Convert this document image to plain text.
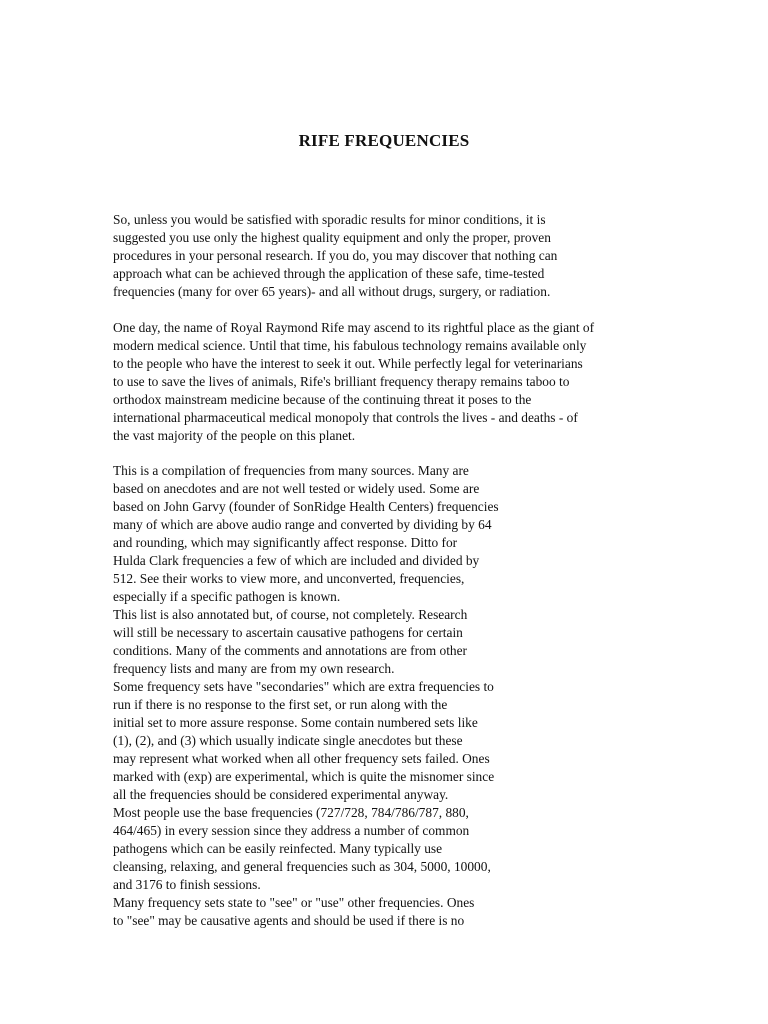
RIFE FREQUENCIES
So, unless you would be satisfied with sporadic results for minor conditions, it is
suggested you use only the highest quality equipment and only the proper, proven
procedures in your personal research. If you do, you may discover that nothing can
approach what can be achieved through the application of these safe, time-tested
frequencies (many for over 65 years)- and all without drugs, surgery, or radiation.
One day, the name of Royal Raymond Rife may ascend to its rightful place as the giant of
modern medical science. Until that time, his fabulous technology remains available only
to the people who have the interest to seek it out. While perfectly legal for veterinarians
to use to save the lives of animals, Rife's brilliant frequency therapy remains taboo to
orthodox mainstream medicine because of the continuing threat it poses to the
international pharmaceutical medical monopoly that controls the lives - and deaths - of
the vast majority of the people on this planet.
This is a compilation of frequencies from many sources. Many are
based on anecdotes and are not well tested or widely used. Some are
based on John Garvy (founder of SonRidge Health Centers) frequencies
many of which are above audio range and converted by dividing by 64
and rounding, which may significantly affect response. Ditto for
Hulda Clark frequencies a few of which are included and divided by
512. See their works to view more, and unconverted, frequencies,
especially if a specific pathogen is known.
This list is also annotated but, of course, not completely. Research
will still be necessary to ascertain causative pathogens for certain
conditions. Many of the comments and annotations are from other
frequency lists and many are from my own research.
Some frequency sets have "secondaries" which are extra frequencies to
run if there is no response to the first set, or run along with the
initial set to more assure response. Some contain numbered sets like
(1), (2), and (3) which usually indicate single anecdotes but these
may represent what worked when all other frequency sets failed. Ones
marked with (exp) are experimental, which is quite the misnomer since
all the frequencies should be considered experimental anyway.
Most people use the base frequencies (727/728, 784/786/787, 880,
464/465) in every session since they address a number of common
pathogens which can be easily reinfected. Many typically use
cleansing, relaxing, and general frequencies such as 304, 5000, 10000,
and 3176 to finish sessions.
Many frequency sets state to "see" or "use" other frequencies. Ones
to "see" may be causative agents and should be used if there is no
